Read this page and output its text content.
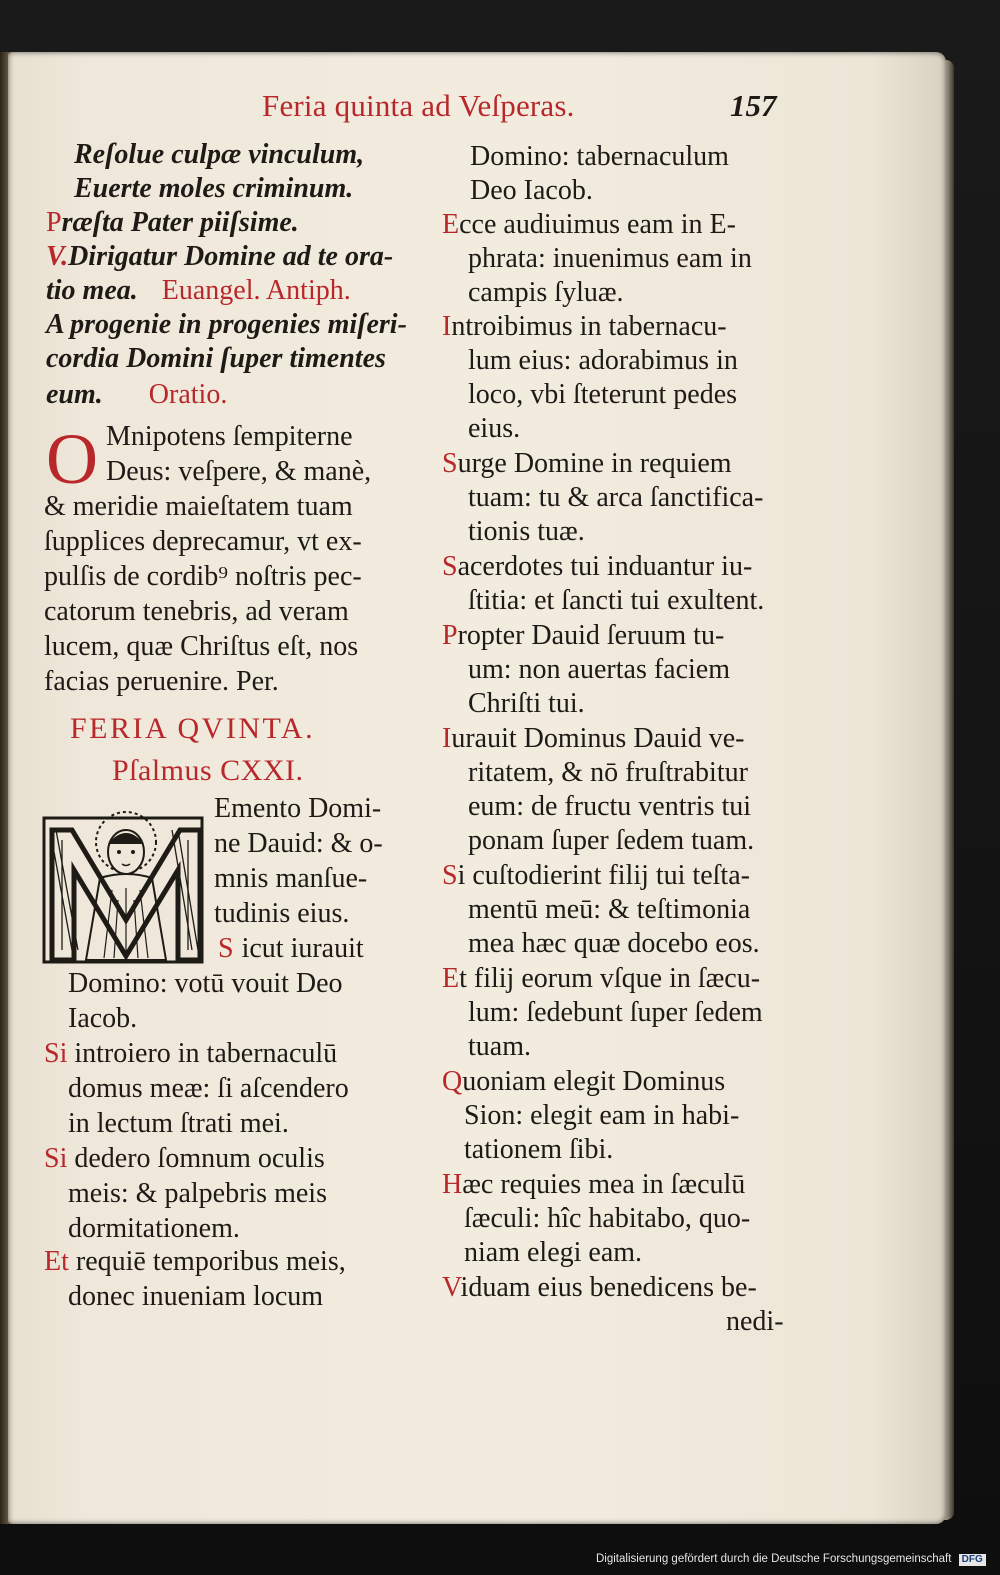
Feria quinta ad Veſperas.	157
Reſolue culpæ vinculum,
Euerte moles criminum.
Præſta Pater piiſsime.
V.Dirigatur Domine ad te ora-
tio mea. Euangel. Antiph.
A progenie in progenies miſeri-
cordia Domini ſuper timentes
eum. Oratio.
O Mnipotens ſempiterne
Deus: veſpere, & manè,
& meridie maieſtatem tuam
ſupplices deprecamur, vt ex-
pulſis de cordib⁹ noſtris pec-
catorum tenebris, ad veram
lucem, quæ Chriſtus eſt, nos
facias peruenire. Per.
FERIA QVINTA.
Pſalmus CXXI.
Emento Domi-
ne Dauid: & o-
mnis manſue-
tudinis eius.
S icut iurauit
Domino: votū vouit Deo
Iacob.
Si introiero in tabernaculū
domus meæ: ſi aſcendero
in lectum ſtrati mei.
Si dedero ſomnum oculis
meis: & palpebris meis
dormitationem.
Et requiē temporibus meis,
donec inueniam locum
Domino: tabernaculum
Deo Iacob.
Ecce audiuimus eam in E-
phrata: inuenimus eam in
campis ſyluæ.
Introibimus in tabernacu-
lum eius: adorabimus in
loco, vbi ſteterunt pedes
eius.
Surge Domine in requiem
tuam: tu & arca ſanctifica-
tionis tuæ.
Sacerdotes tui induantur iu-
ſtitia: et ſancti tui exultent.
Propter Dauid ſeruum tu-
um: non auertas faciem
Chriſti tui.
Iurauit Dominus Dauid ve-
ritatem, & nō fruſtrabitur
eum: de fructu ventris tui
ponam ſuper ſedem tuam.
Si cuſtodierint filij tui teſta-
mentū meū: & teſtimonia
mea hæc quæ docebo eos.
Et filij eorum vſque in ſæcu-
lum: ſedebunt ſuper ſedem
tuam.
Quoniam elegit Dominus
Sion: elegit eam in habi-
tationem ſibi.
Hæc requies mea in ſæculū
ſæculi: hîc habitabo, quo-
niam elegi eam.
Viduam eius benedicens be-
nedi-
Digitalisierung gefördert durch die Deutsche Forschungsgemeinschaft DFG
